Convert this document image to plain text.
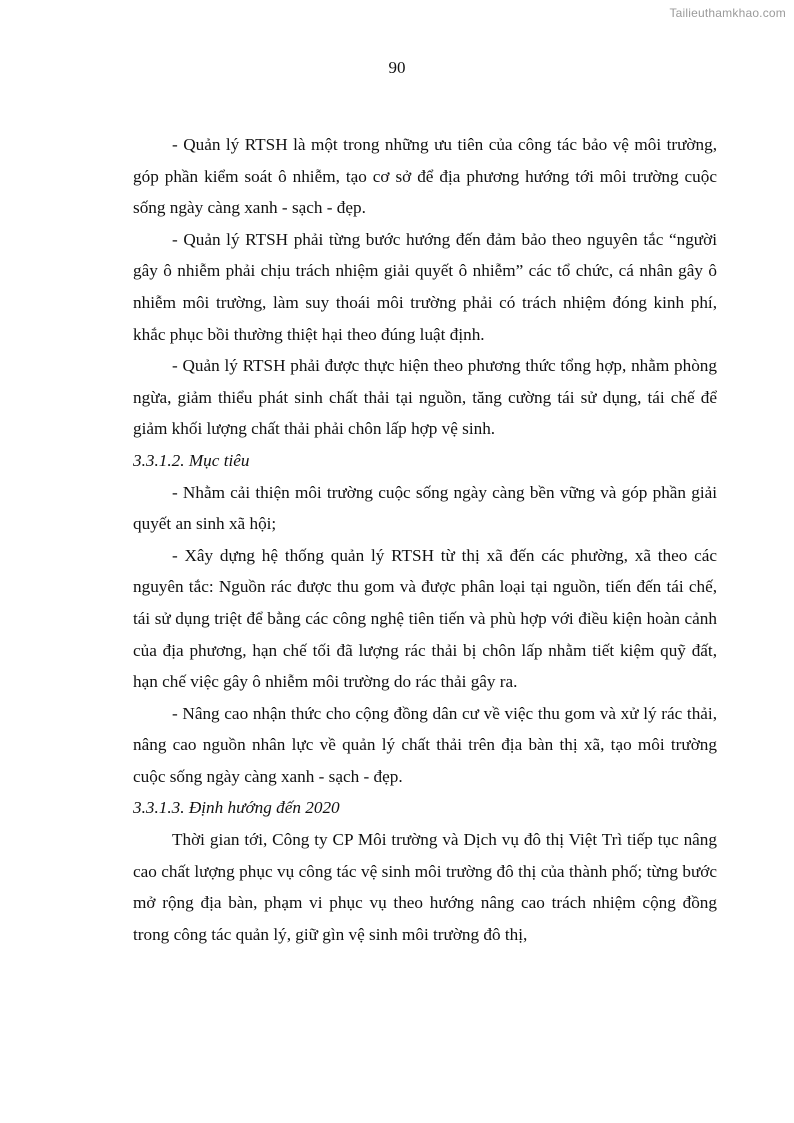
Tailieuthamkhao.com
90

- Quản lý RTSH là một trong những ưu tiên của công tác bảo vệ môi trường, góp phần kiểm soát ô nhiễm, tạo cơ sở để địa phương hướng tới môi trường cuộc sống ngày càng xanh - sạch - đẹp.

- Quản lý RTSH phải từng bước hướng đến đảm bảo theo nguyên tắc “người gây ô nhiễm phải chịu trách nhiệm giải quyết ô nhiễm” các tổ chức, cá nhân gây ô nhiễm môi trường, làm suy thoái môi trường phải có trách nhiệm đóng kinh phí, khắc phục bồi thường thiệt hại theo đúng luật định.

- Quản lý RTSH phải được thực hiện theo phương thức tổng hợp, nhằm phòng ngừa, giảm thiểu phát sinh chất thải tại nguồn, tăng cường tái sử dụng, tái chế để giảm khối lượng chất thải phải chôn lấp hợp vệ sinh.

3.3.1.2. Mục tiêu

- Nhằm cải thiện môi trường cuộc sống ngày càng bền vững và góp phần giải quyết an sinh xã hội;

- Xây dựng hệ thống quản lý RTSH từ thị xã đến các phường, xã theo các nguyên tắc: Nguồn rác được thu gom và được phân loại tại nguồn, tiến đến tái chế, tái sử dụng triệt để bằng các công nghệ tiên tiến và phù hợp với điều kiện hoàn cảnh của địa phương, hạn chế tối đã lượng rác thải bị chôn lấp nhằm tiết kiệm quỹ đất, hạn chế việc gây ô nhiễm môi trường do rác thải gây ra.

- Nâng cao nhận thức cho cộng đồng dân cư về việc thu gom và xử lý rác thải, nâng cao nguồn nhân lực về quản lý chất thải trên địa bàn thị xã, tạo môi trường cuộc sống ngày càng xanh - sạch - đẹp.

3.3.1.3. Định hướng đến 2020

Thời gian tới, Công ty CP Môi trường và Dịch vụ đô thị Việt Trì tiếp tục nâng cao chất lượng phục vụ công tác vệ sinh môi trường đô thị của thành phố; từng bước mở rộng địa bàn, phạm vi phục vụ theo hướng nâng cao trách nhiệm cộng đồng trong công tác quản lý, giữ gìn vệ sinh môi trường đô thị,
